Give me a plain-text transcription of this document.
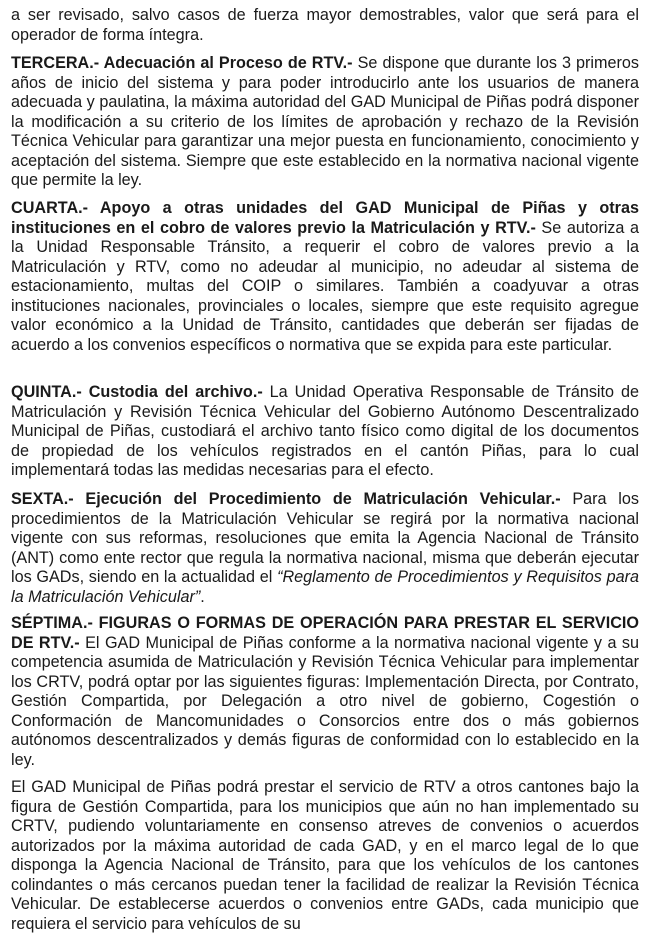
a ser revisado, salvo casos de fuerza mayor demostrables, valor que será para el operador de forma íntegra.

TERCERA.- Adecuación al Proceso de RTV.- Se dispone que durante los 3 primeros años de inicio del sistema y para poder introducirlo ante los usuarios de manera adecuada y paulatina, la máxima autoridad del GAD Municipal de Piñas podrá disponer la modificación a su criterio de los límites de aprobación y rechazo de la Revisión Técnica Vehicular para garantizar una mejor puesta en funcionamiento, conocimiento y aceptación del sistema. Siempre que este establecido en la normativa nacional vigente que permite la ley.

CUARTA.- Apoyo a otras unidades del GAD Municipal de Piñas y otras instituciones en el cobro de valores previo la Matriculación y RTV.- Se autoriza a la Unidad Responsable Tránsito, a requerir el cobro de valores previo a la Matriculación y RTV, como no adeudar al municipio, no adeudar al sistema de estacionamiento, multas del COIP o similares. También a coadyuvar a otras instituciones nacionales, provinciales o locales, siempre que este requisito agregue valor económico a la Unidad de Tránsito, cantidades que deberán ser fijadas de acuerdo a los convenios específicos o normativa que se expida para este particular.

QUINTA.- Custodia del archivo.- La Unidad Operativa Responsable de Tránsito de Matriculación y Revisión Técnica Vehicular del Gobierno Autónomo Descentralizado Municipal de Piñas, custodiará el archivo tanto físico como digital de los documentos de propiedad de los vehículos registrados en el cantón Piñas, para lo cual implementará todas las medidas necesarias para el efecto.

SEXTA.- Ejecución del Procedimiento de Matriculación Vehicular.- Para los procedimientos de la Matriculación Vehicular se regirá por la normativa nacional vigente con sus reformas, resoluciones que emita la Agencia Nacional de Tránsito (ANT) como ente rector que regula la normativa nacional, misma que deberán ejecutar los GADs, siendo en la actualidad el “Reglamento de Procedimientos y Requisitos para la Matriculación Vehicular”.

SÉPTIMA.- FIGURAS O FORMAS DE OPERACIÓN PARA PRESTAR EL SERVICIO DE RTV.- El GAD Municipal de Piñas conforme a la normativa nacional vigente y a su competencia asumida de Matriculación y Revisión Técnica Vehicular para implementar los CRTV, podrá optar por las siguientes figuras: Implementación Directa, por Contrato, Gestión Compartida, por Delegación a otro nivel de gobierno, Cogestión o Conformación de Mancomunidades o Consorcios entre dos o más gobiernos autónomos descentralizados y demás figuras de conformidad con lo establecido en la ley.

El GAD Municipal de Piñas podrá prestar el servicio de RTV a otros cantones bajo la figura de Gestión Compartida, para los municipios que aún no han implementado su CRTV, pudiendo voluntariamente en consenso atreves de convenios o acuerdos autorizados por la máxima autoridad de cada GAD, y en el marco legal de lo que disponga la Agencia Nacional de Tránsito, para que los vehículos de los cantones colindantes o más cercanos puedan tener la facilidad de realizar la Revisión Técnica Vehicular. De establecerse acuerdos o convenios entre GADs, cada municipio que requiera el servicio para vehículos de su
